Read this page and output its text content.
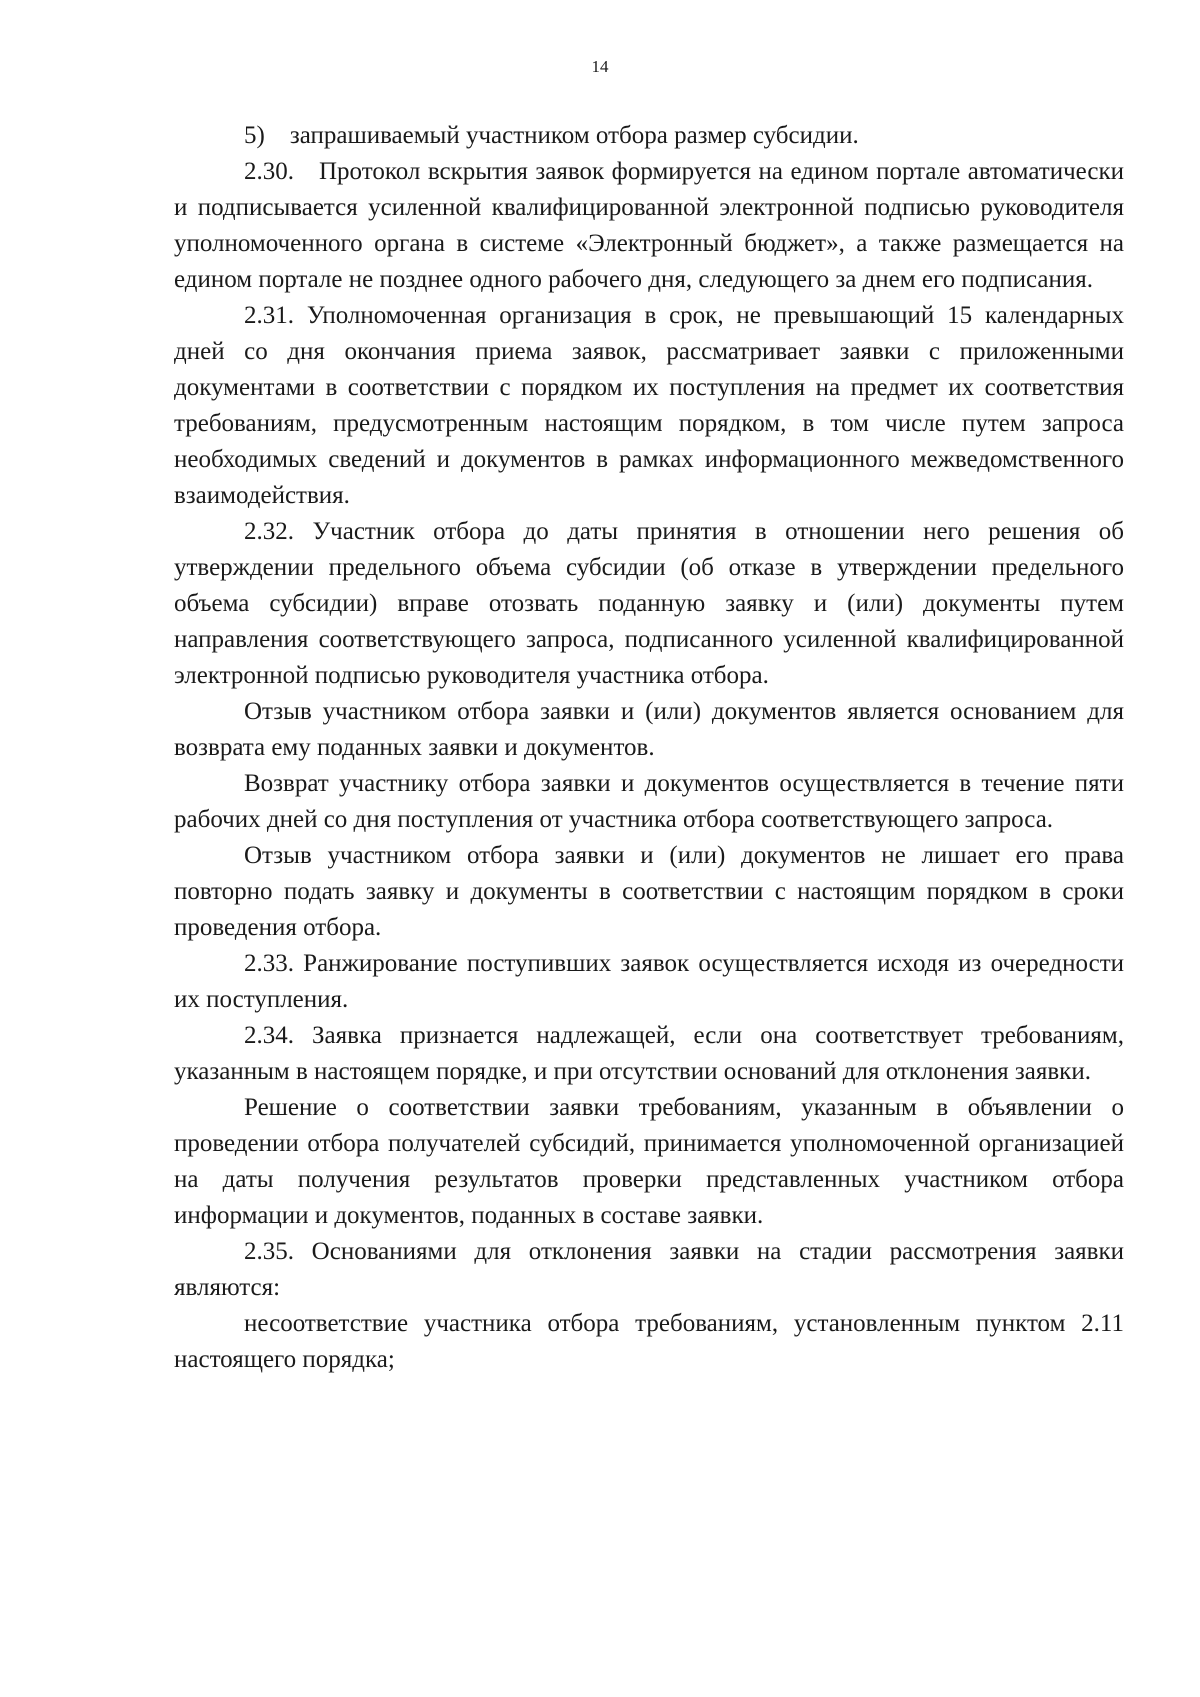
14

5) запрашиваемый участником отбора размер субсидии.

2.30. Протокол вскрытия заявок формируется на едином портале автоматически и подписывается усиленной квалифицированной электронной подписью руководителя уполномоченного органа в системе «Электронный бюджет», а также размещается на едином портале не позднее одного рабочего дня, следующего за днем его подписания.

2.31. Уполномоченная организация в срок, не превышающий 15 календарных дней со дня окончания приема заявок, рассматривает заявки с приложенными документами в соответствии с порядком их поступления на предмет их соответствия требованиям, предусмотренным настоящим порядком, в том числе путем запроса необходимых сведений и документов в рамках информационного межведомственного взаимодействия.

2.32. Участник отбора до даты принятия в отношении него решения об утверждении предельного объема субсидии (об отказе в утверждении предельного объема субсидии) вправе отозвать поданную заявку и (или) документы путем направления соответствующего запроса, подписанного усиленной квалифицированной электронной подписью руководителя участника отбора.

Отзыв участником отбора заявки и (или) документов является основанием для возврата ему поданных заявки и документов.

Возврат участнику отбора заявки и документов осуществляется в течение пяти рабочих дней со дня поступления от участника отбора соответствующего запроса.

Отзыв участником отбора заявки и (или) документов не лишает его права повторно подать заявку и документы в соответствии с настоящим порядком в сроки проведения отбора.

2.33. Ранжирование поступивших заявок осуществляется исходя из очередности их поступления.

2.34. Заявка признается надлежащей, если она соответствует требованиям, указанным в настоящем порядке, и при отсутствии оснований для отклонения заявки.

Решение о соответствии заявки требованиям, указанным в объявлении о проведении отбора получателей субсидий, принимается уполномоченной организацией на даты получения результатов проверки представленных участником отбора информации и документов, поданных в составе заявки.

2.35. Основаниями для отклонения заявки на стадии рассмотрения заявки являются:

несоответствие участника отбора требованиям, установленным пунктом 2.11 настоящего порядка;
